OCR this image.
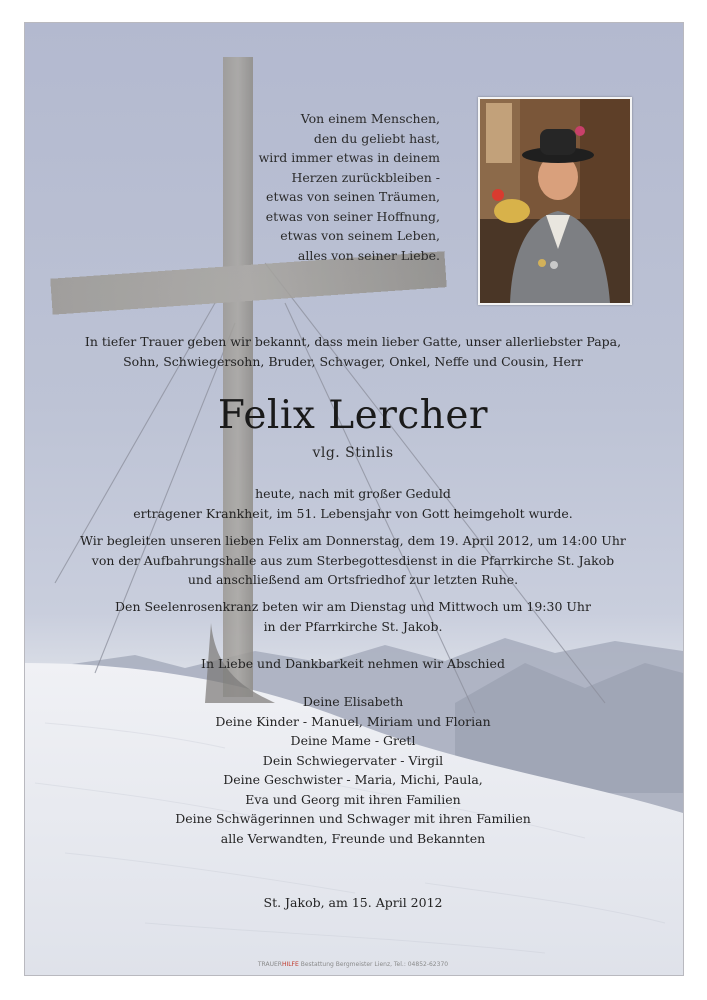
Von einem Menschen,
den du geliebt hast,
wird immer etwas in deinem
Herzen zurückbleiben -
etwas von seinen Träumen,
etwas von seiner Hoffnung,
etwas von seinem Leben,
alles von seiner Liebe.
In tiefer Trauer geben wir bekannt, dass mein lieber Gatte, unser allerliebster Papa,
Sohn, Schwiegersohn, Bruder, Schwager, Onkel, Neffe und Cousin, Herr
Felix Lercher
vlg. Stinlis
heute, nach mit großer Geduld
ertragener Krankheit, im 51. Lebensjahr von Gott heimgeholt wurde.
Wir begleiten unseren lieben Felix am Donnerstag, dem 19. April 2012, um 14:00 Uhr
von der Aufbahrungshalle aus zum Sterbegottesdienst in die Pfarrkirche St. Jakob
und anschließend am Ortsfriedhof zur letzten Ruhe.
Den Seelenrosenkranz beten wir am Dienstag und Mittwoch um 19:30 Uhr
in der Pfarrkirche St. Jakob.
In Liebe und Dankbarkeit nehmen wir Abschied
Deine Elisabeth
Deine Kinder - Manuel, Miriam und Florian
Deine Mame - Gretl
Dein Schwiegervater - Virgil
Deine Geschwister - Maria, Michi, Paula,
Eva und Georg mit ihren Familien
Deine Schwägerinnen und Schwager mit ihren Familien
alle Verwandten, Freunde und Bekannten
St. Jakob, am 15. April 2012
TRAUERHILFE Bestattung Bergmeister Lienz, Tel.: 04852-62370
